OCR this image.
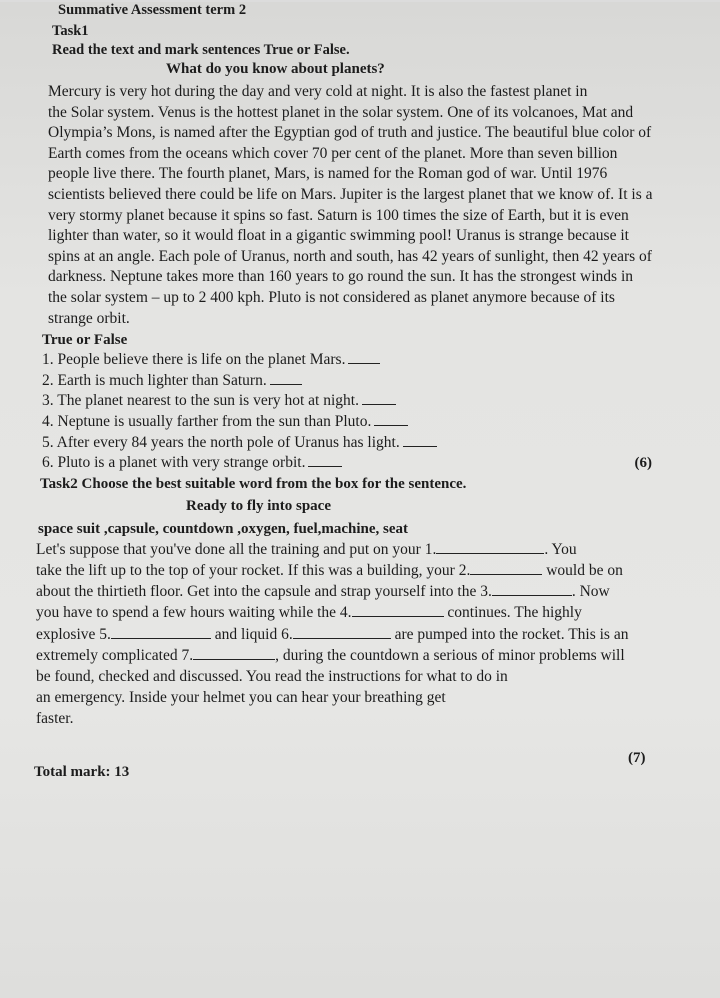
Summative Assessment term 2
Task1
Read the text and mark sentences True or False.
What do you know about planets?
Mercury is very hot during the day and very cold at night. It is also the fastest planet in
the Solar system. Venus is the hottest planet in the solar system. One of its volcanoes, Mat and
Olympia’s Mons, is named after the Egyptian god of truth and justice. The beautiful blue color of
Earth comes from the oceans which cover 70 per cent of the planet. More than seven billion
people live there. The fourth planet, Mars, is named for the Roman god of war. Until 1976
scientists believed there could be life on Mars. Jupiter is the largest planet that we know of. It is a
very stormy planet because it spins so fast. Saturn is 100 times the size of Earth, but it is even
lighter than water, so it would float in a gigantic swimming pool! Uranus is strange because it
spins at an angle. Each pole of Uranus, north and south, has 42 years of sunlight, then 42 years of
darkness. Neptune takes more than 160 years to go round the sun. It has the strongest winds in
the solar system – up to 2 400 kph. Pluto is not considered as planet anymore because of its
strange orbit.
True or False
1. People believe there is life on the planet Mars.
2. Earth is much lighter than Saturn.
3. The planet nearest to the sun is very hot at night.
4. Neptune is usually farther from the sun than Pluto.
5. After every 84 years the north pole of Uranus has light.
6. Pluto is a planet with very strange orbit.	(6)
Task2 Choose the best suitable word from the box for the sentence.
Ready to fly into space
space suit ,capsule, countdown ,oxygen, fuel,machine, seat
Let's suppose that you've done all the training and put on your 1.	. You
take the lift up to the top of your rocket. If this was a building, your 2.	would be on
about the thirtieth floor. Get into the capsule and strap yourself into the 3.	. Now
you have to spend a few hours waiting while the 4.	continues. The highly
explosive 5.	and liquid 6.	are pumped into the rocket. This is an
extremely complicated 7.	, during the countdown a serious of minor problems will
be found, checked and discussed. You read the instructions for what to do in
an emergency. Inside your helmet you can hear your breathing get
faster.
(7)
Total mark: 13
